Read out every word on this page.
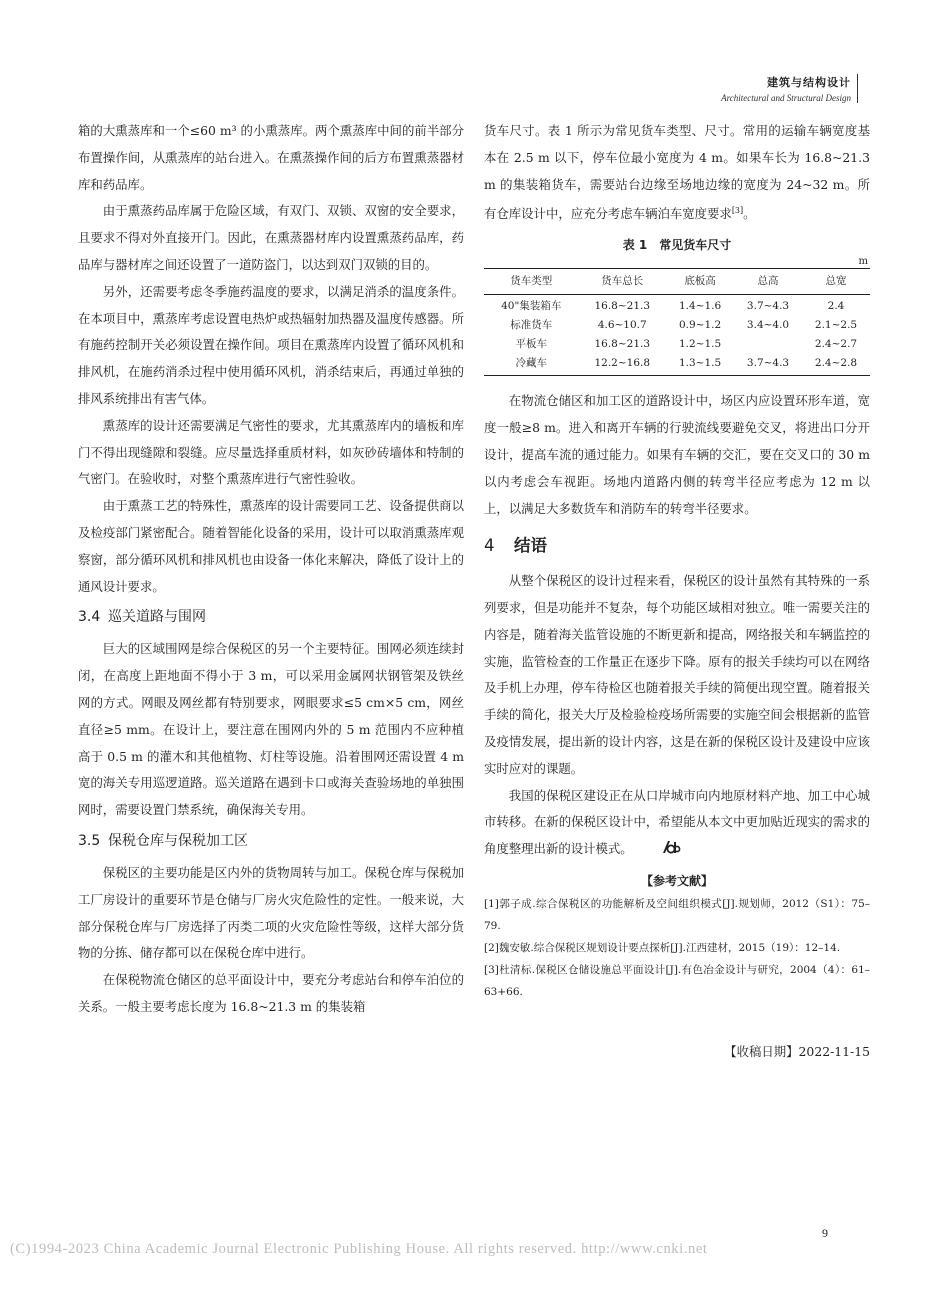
建筑与结构设计
Architectural and Structural Design

箱的大熏蒸库和一个≤60 m³ 的小熏蒸库。两个熏蒸库中间的前半部分布置操作间，从熏蒸库的站台进入。在熏蒸操作间的后方布置熏蒸器材库和药品库。

由于熏蒸药品库属于危险区域，有双门、双锁、双窗的安全要求，且要求不得对外直接开门。因此，在熏蒸器材库内设置熏蒸药品库，药品库与器材库之间还设置了一道防盗门，以达到双门双锁的目的。

另外，还需要考虑冬季施药温度的要求，以满足消杀的温度条件。在本项目中，熏蒸库考虑设置电热炉或热辐射加热器及温度传感器。所有施药控制开关必须设置在操作间。项目在熏蒸库内设置了循环风机和排风机，在施药消杀过程中使用循环风机，消杀结束后，再通过单独的排风系统排出有害气体。

熏蒸库的设计还需要满足气密性的要求，尤其熏蒸库内的墙板和库门不得出现缝隙和裂缝。应尽量选择重质材料，如灰砂砖墙体和特制的气密门。在验收时，对整个熏蒸库进行气密性验收。

由于熏蒸工艺的特殊性，熏蒸库的设计需要同工艺、设备提供商以及检疫部门紧密配合。随着智能化设备的采用，设计可以取消熏蒸库观察窗，部分循环风机和排风机也由设备一体化来解决，降低了设计上的通风设计要求。

3.4 巡关道路与围网

巨大的区域围网是综合保税区的另一个主要特征。围网必须连续封闭，在高度上距地面不得小于 3 m，可以采用金属网状钢管架及铁丝网的方式。网眼及网丝都有特别要求，网眼要求≤5 cm×5 cm，网丝直径≥5 mm。在设计上，要注意在围网内外的 5 m 范围内不应种植高于 0.5 m 的灌木和其他植物、灯柱等设施。沿着围网还需设置 4 m 宽的海关专用巡逻道路。巡关道路在遇到卡口或海关查验场地的单独围网时，需要设置门禁系统，确保海关专用。

3.5 保税仓库与保税加工区

保税区的主要功能是区内外的货物周转与加工。保税仓库与保税加工厂房设计的重要环节是仓储与厂房火灾危险性的定性。一般来说，大部分保税仓库与厂房选择了丙类二项的火灾危险性等级，这样大部分货物的分拣、储存都可以在保税仓库中进行。

在保税物流仓储区的总平面设计中，要充分考虑站台和停车泊位的关系。一般主要考虑长度为 16.8~21.3 m 的集装箱

货车尺寸。表 1 所示为常见货车类型、尺寸。常用的运输车辆宽度基本在 2.5 m 以下，停车位最小宽度为 4 m。如果车长为 16.8~21.3 m 的集装箱货车，需要站台边缘至场地边缘的宽度为 24~32 m。所有仓库设计中，应充分考虑车辆泊车宽度要求[3]。

表 1　常见货车尺寸
m
货车类型	货车总长	底板高	总高	总宽
40"集装箱车	16.8~21.3	1.4~1.6	3.7~4.3	2.4
标准货车	4.6~10.7	0.9~1.2	3.4~4.0	2.1~2.5
平板车	16.8~21.3	1.2~1.5		2.4~2.7
冷藏车	12.2~16.8	1.3~1.5	3.7~4.3	2.4~2.8

在物流仓储区和加工区的道路设计中，场区内应设置环形车道，宽度一般≥8 m。进入和离开车辆的行驶流线要避免交叉，将进出口分开设计，提高车流的通过能力。如果有车辆的交汇，要在交叉口的 30 m 以内考虑会车视距。场地内道路内侧的转弯半径应考虑为 12 m 以上，以满足大多数货车和消防车的转弯半径要求。

4 结语

从整个保税区的设计过程来看，保税区的设计虽然有其特殊的一系列要求，但是功能并不复杂，每个功能区域相对独立。唯一需要关注的内容是，随着海关监管设施的不断更新和提高，网络报关和车辆监控的实施，监管检查的工作量正在逐步下降。原有的报关手续均可以在网络及手机上办理，停车待检区也随着报关手续的简便出现空置。随着报关手续的简化，报关大厅及检验检疫场所需要的实施空间会根据新的监管及疫情发展，提出新的设计内容，这是在新的保税区设计及建设中应该实时应对的课题。

我国的保税区建设正在从口岸城市向内地原材料产地、加工中心城市转移。在新的保税区设计中，希望能从本文中更加贴近现实的需求的角度整理出新的设计模式。

【参考文献】

[1]郭子成.综合保税区的功能解析及空间组织模式[J].规划师，2012（S1）：75–79.

[2]魏安敏.综合保税区规划设计要点探析[J].江西建材，2015（19）：12–14.

[3]杜清标.保税区仓储设施总平面设计[J].有色冶金设计与研究，2004（4）：61–63+66.

【收稿日期】2022-11-15
9
(C)1994-2023 China Academic Journal Electronic Publishing House. All rights reserved. http://www.cnki.net
